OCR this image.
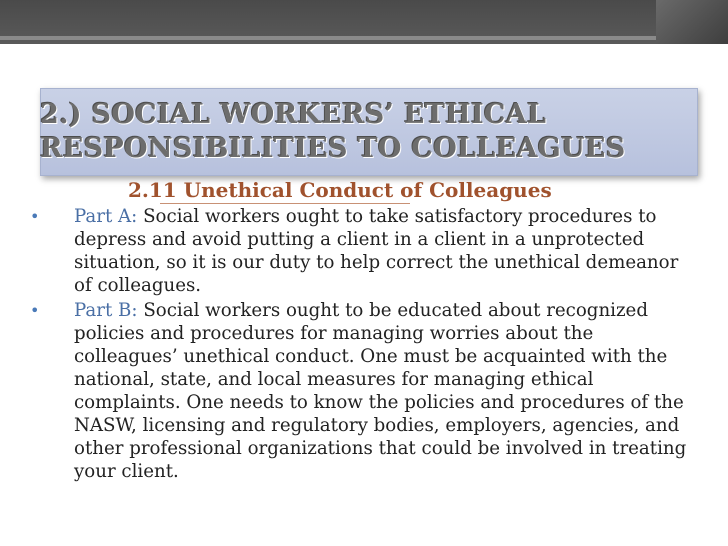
2.) SOCIAL WORKERS’ ETHICAL RESPONSIBILITIES TO COLLEAGUES
2.11 Unethical Conduct of Colleagues
• Part A: Social workers ought to take satisfactory procedures to depress and avoid putting a client in a client in a unprotected situation, so it is our duty to help correct the unethical demeanor of colleagues.
• Part B: Social workers ought to be educated about recognized policies and procedures for managing worries about the colleagues’ unethical conduct. One must be acquainted with the national, state, and local measures for managing ethical complaints. One needs to know the policies and procedures of the NASW, licensing and regulatory bodies, employers, agencies, and other professional organizations that could be involved in treating your client.
